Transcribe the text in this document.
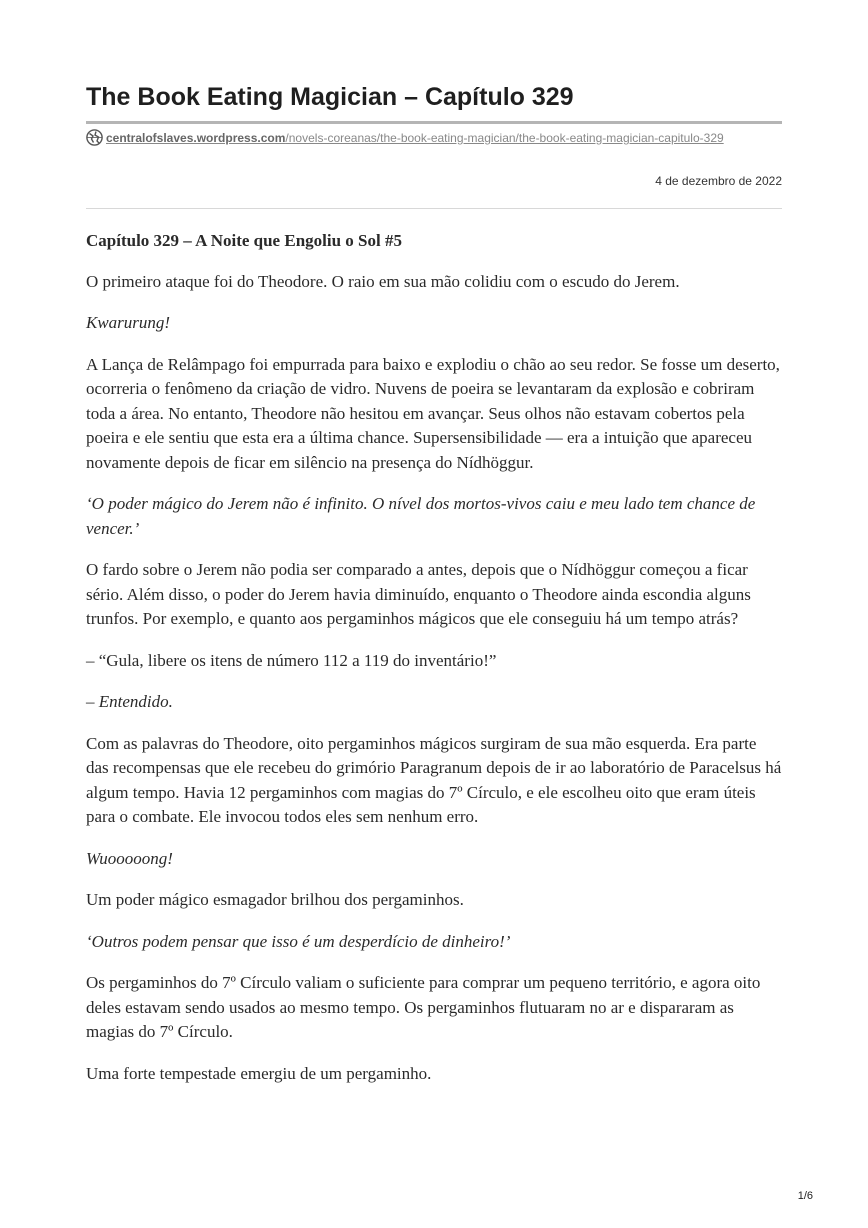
The Book Eating Magician – Capítulo 329
centralofslaves.wordpress.com/novels-coreanas/the-book-eating-magician/the-book-eating-magician-capitulo-329
4 de dezembro de 2022

Capítulo 329 – A Noite que Engoliu o Sol #5

O primeiro ataque foi do Theodore. O raio em sua mão colidiu com o escudo do Jerem.

Kwarurung!

A Lança de Relâmpago foi empurrada para baixo e explodiu o chão ao seu redor. Se fosse um deserto, ocorreria o fenômeno da criação de vidro. Nuvens de poeira se levantaram da explosão e cobriram toda a área. No entanto, Theodore não hesitou em avançar. Seus olhos não estavam cobertos pela poeira e ele sentiu que esta era a última chance. Supersensibilidade — era a intuição que apareceu novamente depois de ficar em silêncio na presença do Nídhöggur.

‘O poder mágico do Jerem não é infinito. O nível dos mortos-vivos caiu e meu lado tem chance de vencer.’

O fardo sobre o Jerem não podia ser comparado a antes, depois que o Nídhöggur começou a ficar sério. Além disso, o poder do Jerem havia diminuído, enquanto o Theodore ainda escondia alguns trunfos. Por exemplo, e quanto aos pergaminhos mágicos que ele conseguiu há um tempo atrás?

– “Gula, libere os itens de número 112 a 119 do inventário!”

– Entendido.

Com as palavras do Theodore, oito pergaminhos mágicos surgiram de sua mão esquerda. Era parte das recompensas que ele recebeu do grimório Paragranum depois de ir ao laboratório de Paracelsus há algum tempo. Havia 12 pergaminhos com magias do 7º Círculo, e ele escolheu oito que eram úteis para o combate. Ele invocou todos eles sem nenhum erro.

Wuooooong!

Um poder mágico esmagador brilhou dos pergaminhos.

‘Outros podem pensar que isso é um desperdício de dinheiro!’

Os pergaminhos do 7º Círculo valiam o suficiente para comprar um pequeno território, e agora oito deles estavam sendo usados ao mesmo tempo. Os pergaminhos flutuaram no ar e dispararam as magias do 7º Círculo.

Uma forte tempestade emergiu de um pergaminho.

1/6
